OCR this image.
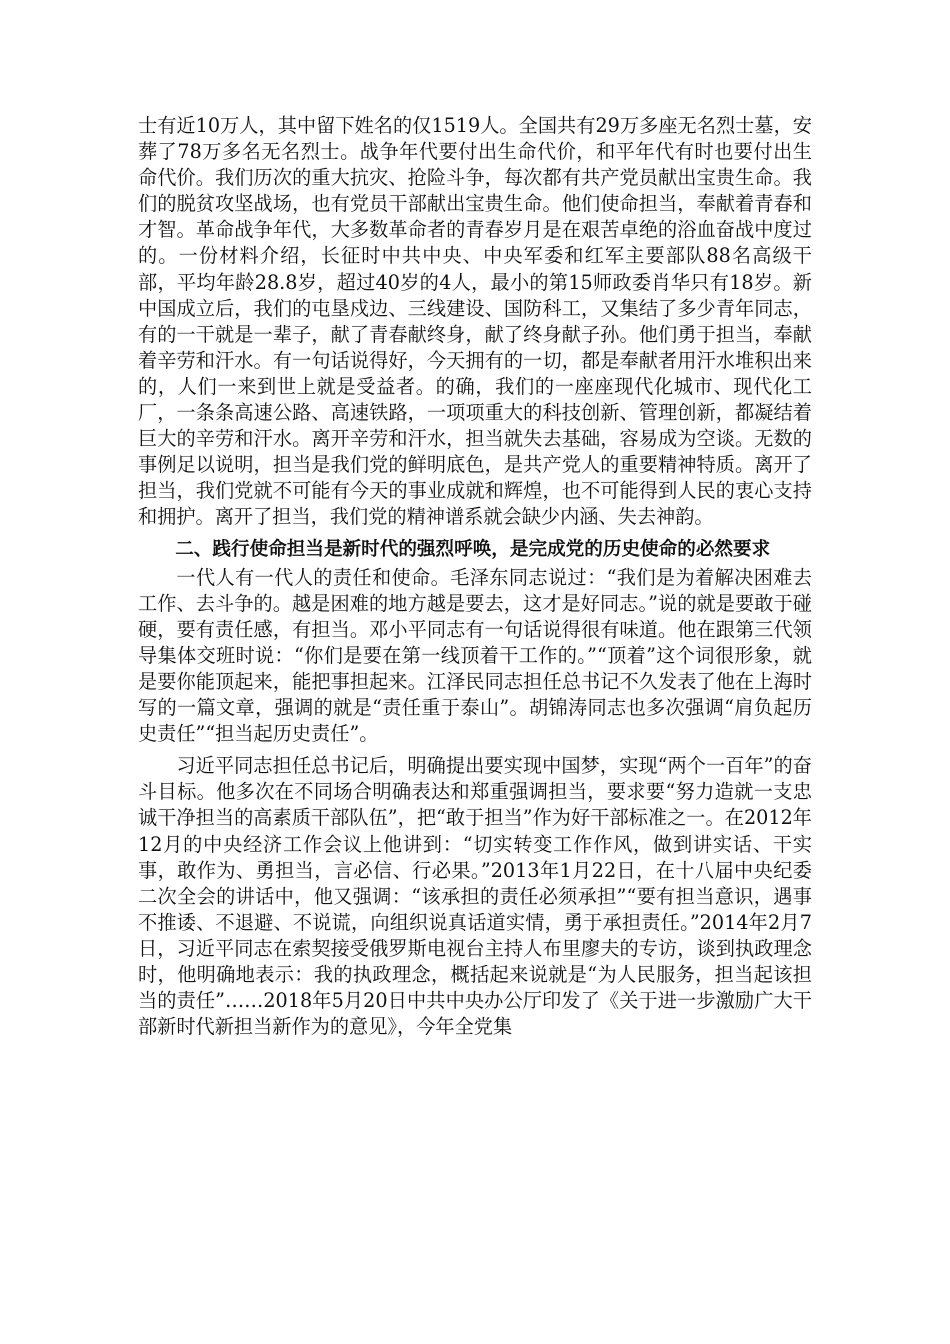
士有近10万人，其中留下姓名的仅1519人。全国共有29万多座无名烈士墓，安葬了78万多名无名烈士。战争年代要付出生命代价，和平年代有时也要付出生命代价。我们历次的重大抗灾、抢险斗争，每次都有共产党员献出宝贵生命。我们的脱贫攻坚战场，也有党员干部献出宝贵生命。他们使命担当，奉献着青春和才智。革命战争年代，大多数革命者的青春岁月是在艰苦卓绝的浴血奋战中度过的。一份材料介绍，长征时中共中央、中央军委和红军主要部队88名高级干部，平均年龄28.8岁，超过40岁的4人，最小的第15师政委肖华只有18岁。新中国成立后，我们的屯垦戍边、三线建设、国防科工，又集结了多少青年同志，有的一干就是一辈子，献了青春献终身，献了终身献子孙。他们勇于担当，奉献着辛劳和汗水。有一句话说得好，今天拥有的一切，都是奉献者用汗水堆积出来的，人们一来到世上就是受益者。的确，我们的一座座现代化城市、现代化工厂，一条条高速公路、高速铁路，一项项重大的科技创新、管理创新，都凝结着巨大的辛劳和汗水。离开辛劳和汗水，担当就失去基础，容易成为空谈。无数的事例足以说明，担当是我们党的鲜明底色，是共产党人的重要精神特质。离开了担当，我们党就不可能有今天的事业成就和辉煌，也不可能得到人民的衷心支持和拥护。离开了担当，我们党的精神谱系就会缺少内涵、失去神韵。

二、践行使命担当是新时代的强烈呼唤，是完成党的历史使命的必然要求

一代人有一代人的责任和使命。毛泽东同志说过：“我们是为着解决困难去工作、去斗争的。越是困难的地方越是要去，这才是好同志。”说的就是要敢于碰硬，要有责任感，有担当。邓小平同志有一句话说得很有味道。他在跟第三代领导集体交班时说：“你们是要在第一线顶着干工作的。”“顶着”这个词很形象，就是要你能顶起来，能把事担起来。江泽民同志担任总书记不久发表了他在上海时写的一篇文章，强调的就是“责任重于泰山”。胡锦涛同志也多次强调“肩负起历史责任”“担当起历史责任”。

习近平同志担任总书记后，明确提出要实现中国梦，实现“两个一百年”的奋斗目标。他多次在不同场合明确表达和郑重强调担当，要求要“努力造就一支忠诚干净担当的高素质干部队伍”，把“敢于担当”作为好干部标准之一。在2012年12月的中央经济工作会议上他讲到：“切实转变工作作风，做到讲实话、干实事，敢作为、勇担当，言必信、行必果。”2013年1月22日，在十八届中央纪委二次全会的讲话中，他又强调：“该承担的责任必须承担”“要有担当意识，遇事不推诿、不退避、不说谎，向组织说真话道实情，勇于承担责任。”2014年2月7日，习近平同志在索契接受俄罗斯电视台主持人布里廖夫的专访，谈到执政理念时，他明确地表示：我的执政理念，概括起来说就是“为人民服务，担当起该担当的责任”……2018年5月20日中共中央办公厅印发了《关于进一步激励广大干部新时代新担当新作为的意见》，今年全党集
